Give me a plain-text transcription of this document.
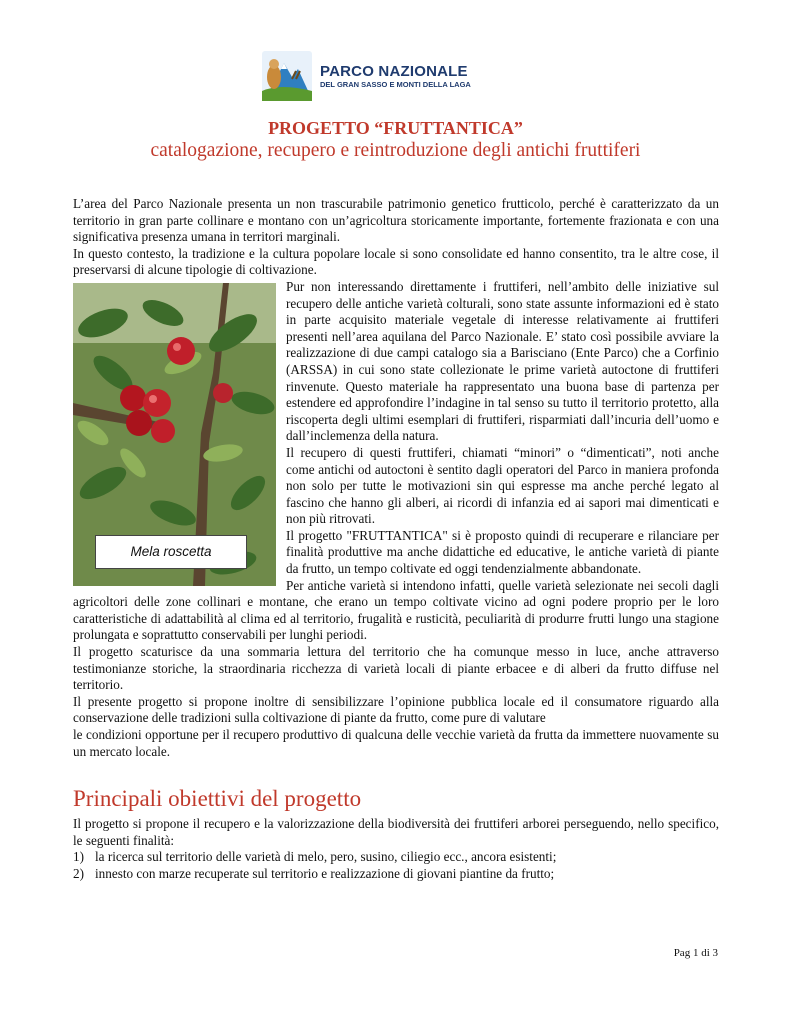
PARCO NAZIONALE
DEL GRAN SASSO E MONTI DELLA LAGA
PROGETTO “FRUTTANTICA”
catalogazione, recupero e reintroduzione degli antichi fruttiferi

L’area del Parco Nazionale presenta un non trascurabile patrimonio genetico frutticolo, perché è caratterizzato da un territorio in gran parte collinare e montano con un’agricoltura storicamente importante, fortemente frazionata e con una significativa presenza umana in territori marginali.

In questo contesto, la tradizione e la cultura popolare locale si sono consolidate ed hanno consentito, tra le altre cose, il preservarsi di alcune tipologie di coltivazione.

Mela roscetta

Pur non interessando direttamente i fruttiferi, nell’ambito delle iniziative sul recupero delle antiche varietà colturali, sono state assunte informazioni ed è stato in parte acquisito materiale vegetale di interesse relativamente ai fruttiferi presenti nell’area aquilana del Parco Nazionale. E’ stato così possibile avviare la realizzazione di due campi catalogo sia a Barisciano (Ente Parco) che a Corfinio (ARSSA) in cui sono state collezionate le prime varietà autoctone di fruttiferi rinvenute. Questo materiale ha rappresentato una buona base di partenza per estendere ed approfondire l’indagine in tal senso su tutto il territorio protetto, alla riscoperta degli ultimi esemplari di fruttiferi, risparmiati dall’incuria dell’uomo e dall’inclemenza della natura.

Il recupero di questi fruttiferi, chiamati “minori” o “dimenticati”, noti anche come antichi od autoctoni è sentito dagli operatori del Parco in maniera profonda non solo per tutte le motivazioni sin qui espresse ma anche perché legato al fascino che hanno gli alberi, ai ricordi di infanzia ed ai sapori mai dimenticati e non più ritrovati.

Il progetto "FRUTTANTICA" si è proposto quindi di recuperare e rilanciare per finalità produttive ma anche didattiche ed educative, le antiche varietà di piante da frutto, un tempo coltivate ed oggi tendenzialmente abbandonate.

Per antiche varietà si intendono infatti, quelle varietà selezionate nei secoli dagli agricoltori delle zone collinari e montane, che erano un tempo coltivate vicino ad ogni podere proprio per le loro caratteristiche di adattabilità al clima ed al territorio, frugalità e rusticità, peculiarità di produrre frutti lungo una stagione prolungata e soprattutto conservabili per lunghi periodi.

Il progetto scaturisce da una sommaria lettura del territorio che ha comunque messo in luce, anche attraverso testimonianze storiche, la straordinaria ricchezza di varietà locali di piante erbacee e di alberi da frutto diffuse nel territorio.

Il presente progetto si propone inoltre di sensibilizzare l’opinione pubblica locale ed il consumatore riguardo alla conservazione delle tradizioni sulla coltivazione di piante da frutto, come pure di valutare

le condizioni opportune per il recupero produttivo di qualcuna delle vecchie varietà da frutta da immettere nuovamente su un mercato locale.

Principali obiettivi del progetto

Il progetto si propone il recupero e la valorizzazione della biodiversità dei fruttiferi arborei perseguendo, nello specifico, le seguenti finalità:

1) la ricerca sul territorio delle varietà di melo, pero, susino, ciliegio ecc., ancora esistenti;
2) innesto con marze recuperate sul territorio e realizzazione di giovani piantine da frutto;
Pag 1 di 3
